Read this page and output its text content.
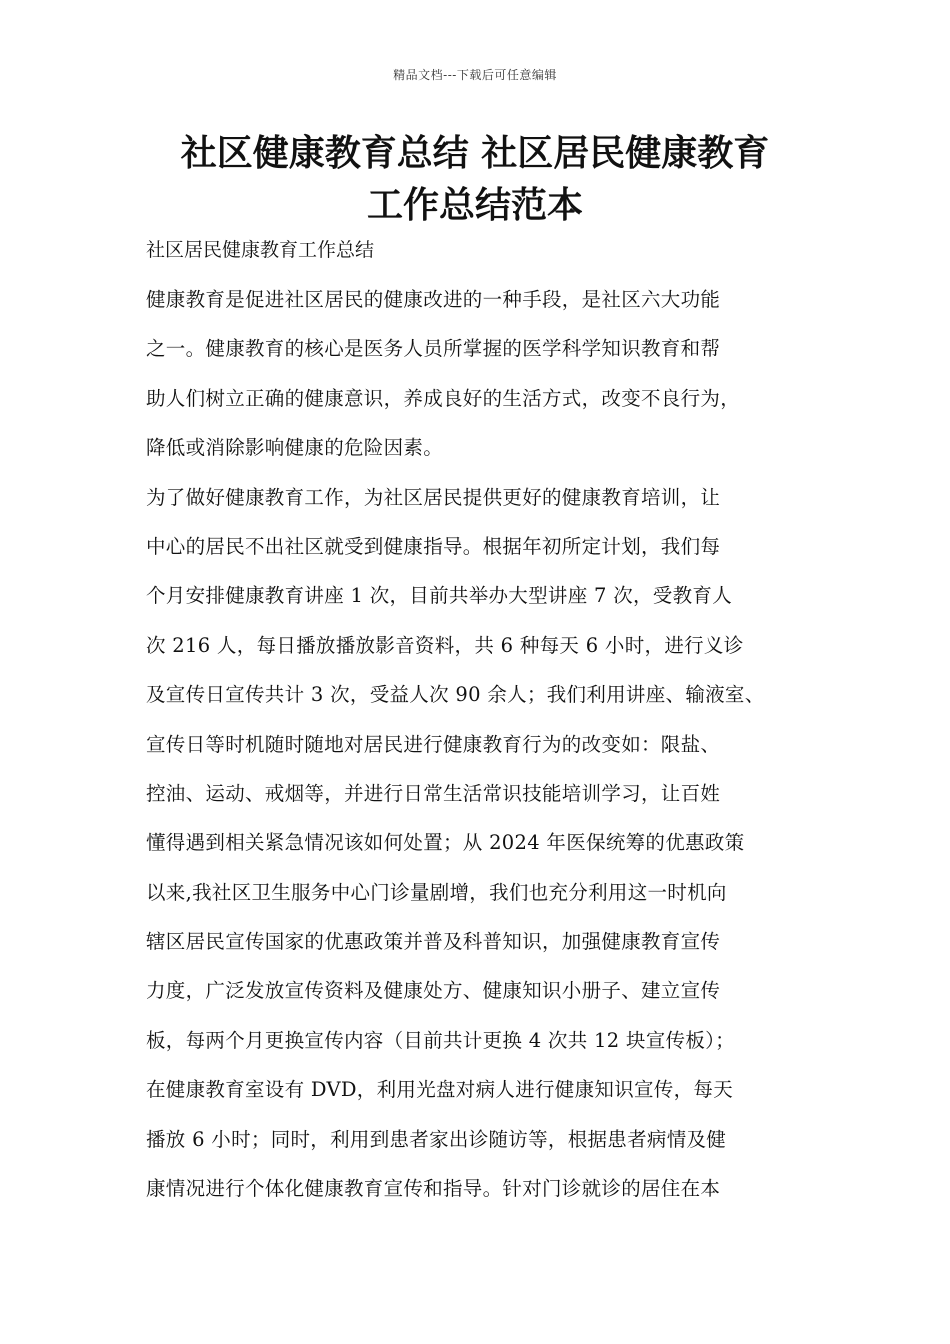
精品文档---下载后可任意编辑
社区健康教育总结 社区居民健康教育
工作总结范本

社区居民健康教育工作总结

健康教育是促进社区居民的健康改进的一种手段，是社区六大功能
之一。健康教育的核心是医务人员所掌握的医学科学知识教育和帮
助人们树立正确的健康意识，养成良好的生活方式，改变不良行为，
降低或消除影响健康的危险因素。
为了做好健康教育工作，为社区居民提供更好的健康教育培训，让
中心的居民不出社区就受到健康指导。根据年初所定计划，我们每
个月安排健康教育讲座 1 次，目前共举办大型讲座 7 次，受教育人
次 216 人，每日播放播放影音资料，共 6 种每天 6 小时，进行义诊
及宣传日宣传共计 3 次，受益人次 90 余人；我们利用讲座、输液室、
宣传日等时机随时随地对居民进行健康教育行为的改变如：限盐、
控油、运动、戒烟等，并进行日常生活常识技能培训学习，让百姓
懂得遇到相关紧急情况该如何处置；从 2024 年医保统筹的优惠政策
以来,我社区卫生服务中心门诊量剧增，我们也充分利用这一时机向
辖区居民宣传国家的优惠政策并普及科普知识，加强健康教育宣传
力度，广泛发放宣传资料及健康处方、健康知识小册子、建立宣传
板，每两个月更换宣传内容（目前共计更换 4 次共 12 块宣传板）；
在健康教育室设有 DVD，利用光盘对病人进行健康知识宣传，每天
播放 6 小时；同时，利用到患者家出诊随访等，根据患者病情及健
康情况进行个体化健康教育宣传和指导。针对门诊就诊的居住在本
